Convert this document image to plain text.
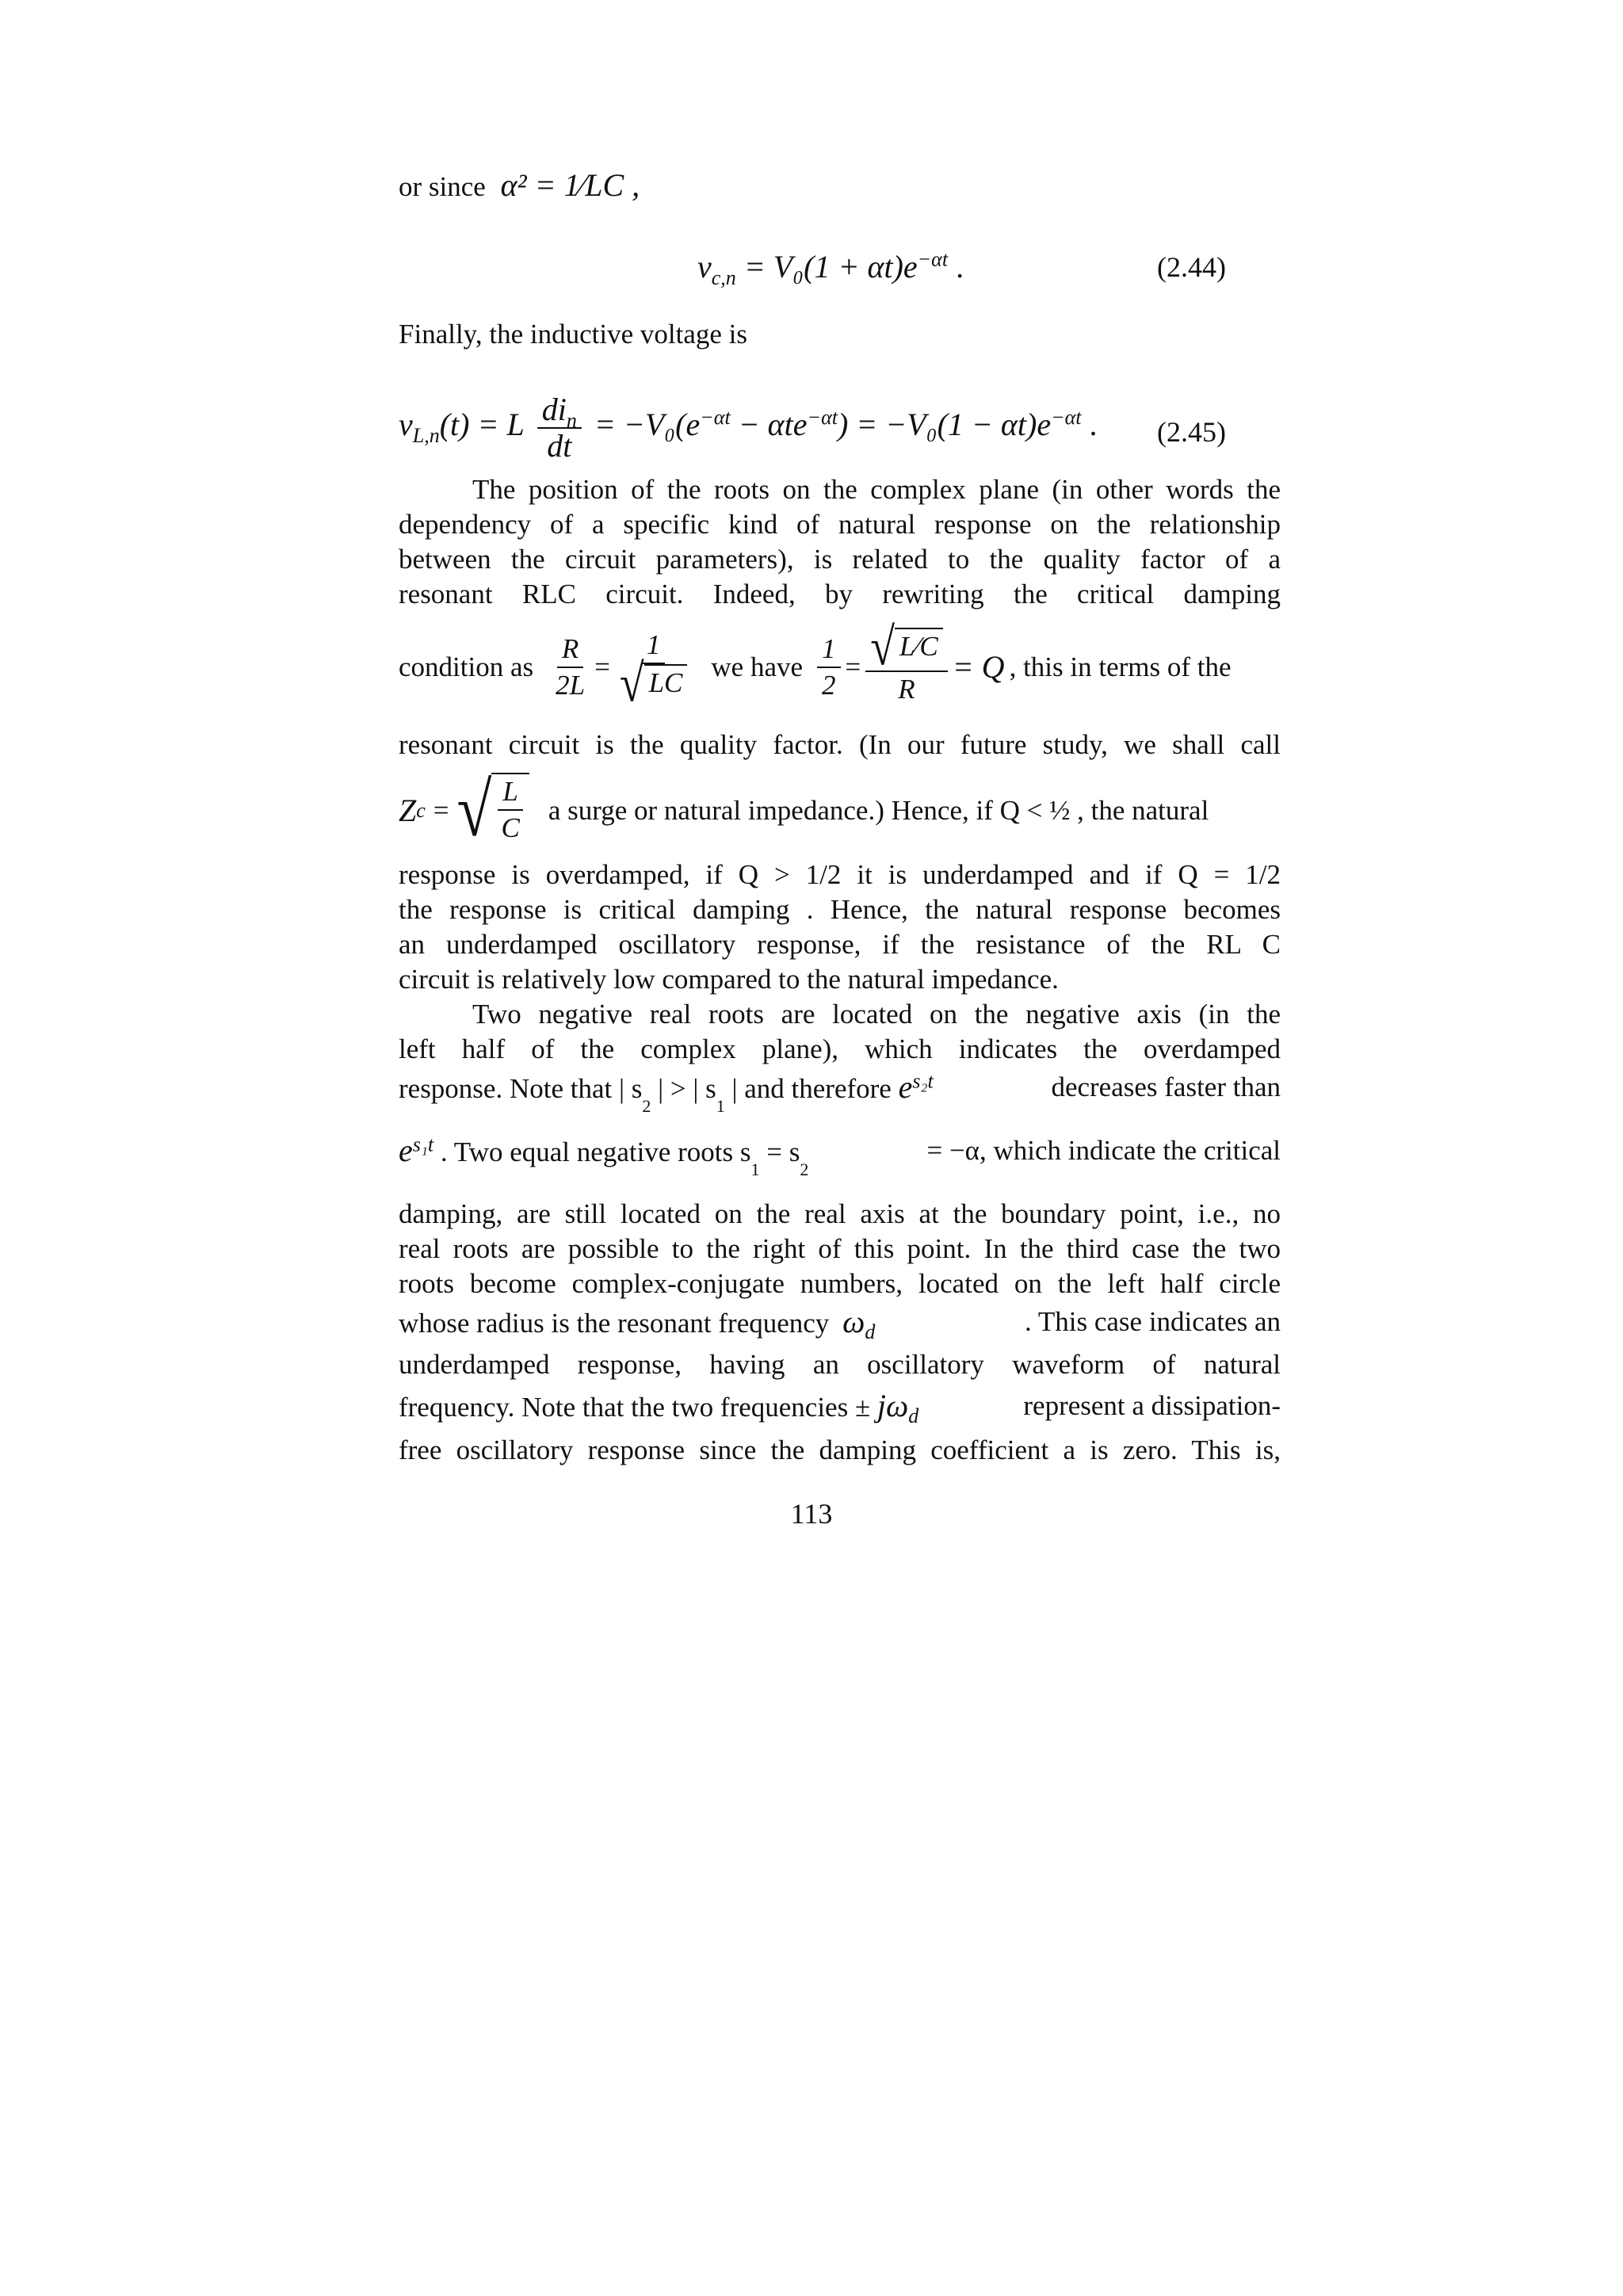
or since α² = 1⁄LC ,
$v_{c,n} = V_0(1 + \alpha t)e^{-\alpha t}$ .	(2.44)
Finally, the inductive voltage is
$v_{L,n}(t) = L \frac{di_n}{dt} = -V_0(e^{-\alpha t} - \alpha te^{-\alpha t}) = -V_0(1 - \alpha t)e^{-\alpha t}$ . (2.45)
The position of the roots on the complex plane (in other words the
dependency of a specific kind of natural response on the relationship
between the circuit parameters), is related to the quality factor of a
resonant RLC circuit. Indeed, by rewriting the critical damping
condition as $\frac{R}{2L} = \frac{1}{√ LC}$ we have $\frac{1}{2} = \frac{√ L⁄C}{R} = Q$ , this in terms of the
resonant circuit is the quality factor. (In our future study, we shall call
Z c = √ $\frac{L}{C}$ a surge or natural impedance.) Hence, if Q < ½ , the natural
response is overdamped, if Q > 1/2 it is underdamped and if Q = 1/2
the response is critical damping . Hence, the natural response becomes
an underdamped oscillatory response, if the resistance of the RL C
circuit is relatively low compared to the natural impedance.
Two negative real roots are located on the negative axis (in the
left half of the complex plane), which indicates the overdamped
response. Note that | $s_2$ | > | $s_1$ | and therefore $e^{s_2t}$	decreases faster than
$e^{s_1t}$ . Two equal negative roots $s_1 = s_2$
= −α, which indicate the critical
damping, are still located on the real axis at the boundary point, i.e., no
real roots are possible to the right of this point. In the third case the two
roots become complex-conjugate numbers, located on the left half circle
whose radius is the resonant frequency $\omega_d$	. This case indicates an
underdamped response, having an oscillatory waveform of natural
frequency. Note that the two frequencies ± $j\omega_d$	represent a dissipation-
free oscillatory response since the damping coefficient a is zero. This is,
113
